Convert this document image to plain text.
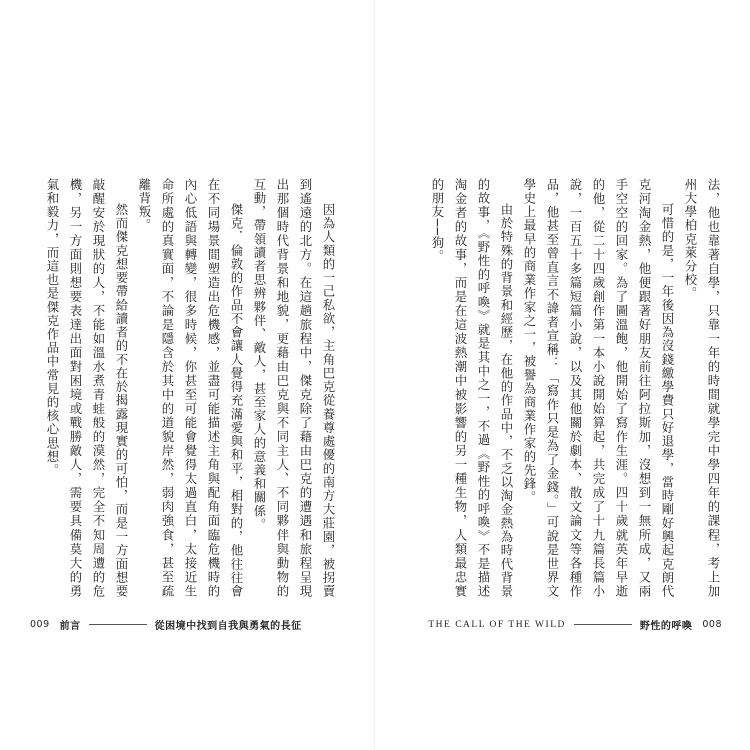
因為人類的一己私欲，主角巴克從養尊處優的南方大莊園，被拐賣到遙遠的北方。在這趟旅程中，傑克除了藉由巴克的遭遇和旅程呈現出那個時代背景和地貌，更藉由巴克與不同主人、不同夥伴與動物的互動，帶領讀者思辨夥伴、敵人，甚至家人的意義和關係。

傑克．倫敦的作品不會讓人覺得充滿愛與和平，相對的，他往往會在不同場景間塑造出危機感，並盡可能描述主角與配角面臨危機時的內心低語與轉變，很多時候，你甚至可能會覺得太過直白，太接近生命所處的真實面，不論是隱含於其中的道貌岸然，弱肉強食，甚至疏離背叛。

然而傑克想要帶給讀者的不在於揭露現實的可怕，而是一方面想要敲醒安於現狀的人，不能如溫水煮青蛙般的漠然，完全不知周遭的危機，另一方面則想要表達出面對困境或戰勝敵人，需要具備莫大的勇氣和毅力，而這也是傑克作品中常見的核心思想。

009 前言	從困境中找到自我與勇氣的長征

法，他也靠著自學，只靠一年的時間就學完中學四年的課程，考上加州大學柏克萊分校。

可惜的是，一年後因為沒錢繳學費只好退學，當時剛好興起克朗代克河淘金熱，他便跟著好朋友前往阿拉斯加，沒想到一無所成，又兩手空空的回家。為了圖溫飽，他開始了寫作生涯。四十歲就英年早逝的他，從二十四歲創作第一本小說開始算起，共完成了十九篇長篇小說，一百五十多篇短篇小說，以及其他關於劇本、散文論文等各種作品，他甚至曾直言不諱者宣稱：「寫作只是為了金錢。」可說是世界文學史上最早的商業作家之一，被譽為商業作家的先鋒。

由於特殊的背景和經歷，在他的作品中，不乏以淘金熱為時代背景的故事，《野性的呼喚》就是其中之一，不過《野性的呼喚》不是描述淘金者的故事，而是在這波熱潮中被影響的另一種生物，人類最忠實的朋友──狗。

THE CALL OF THE WILD	野性的呼喚 008
